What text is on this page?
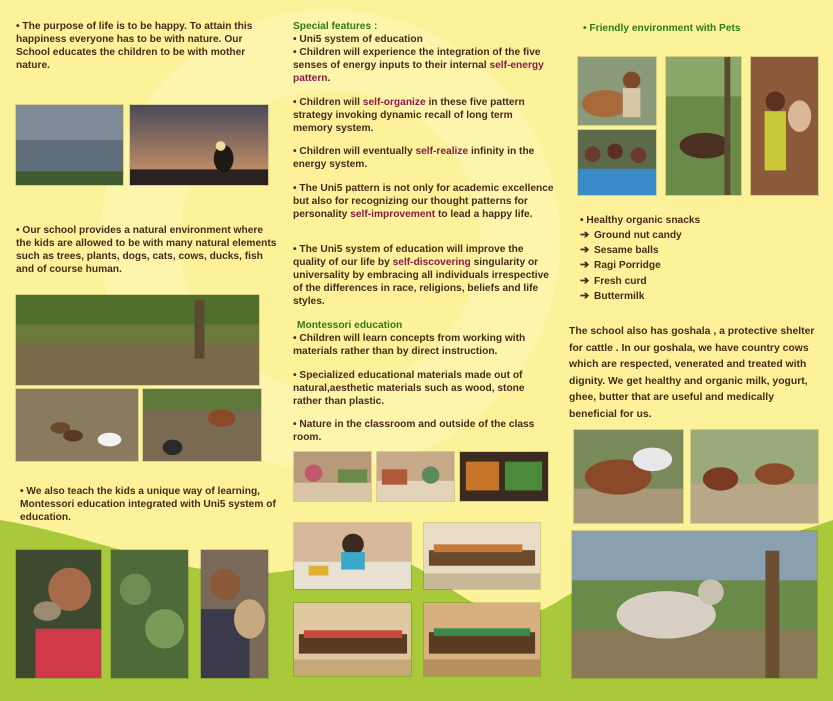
• The purpose of life is to be happy. To attain this happiness everyone has to be with nature. Our School educates the children to be with mother nature.
• Our school provides a natural environment where the kids are allowed to be with many natural elements such as trees, plants, dogs, cats, cows, ducks, fish and of course human.
• We also teach the kids a unique way of learning, Montessori education integrated with Uni5 system of education.
Special features :
• Uni5 system of education
• Children will experience the integration of the five senses of energy inputs to their internal self-energy pattern.
• Children will self-organize in these five pattern strategy invoking dynamic recall of long term memory system.
• Children will eventually self-realize infinity in the energy system.
• The Uni5 pattern is not only for academic excellence but also for recognizing our thought patterns for personality self-improvement to lead a happy life.
• The Uni5 system of education will improve the quality of our life by self-discovering singularity or universality by embracing all individuals irrespective of the differences in race, religions, beliefs and life styles.
Montessori education
• Children will learn concepts from working with materials rather than by direct instruction.
• Specialized educational materials made out of natural,aesthetic materials such as wood, stone rather than plastic.
• Nature in the classroom and outside of the class room.
• Friendly environment with Pets
• Healthy organic snacks
➔ Ground nut candy
➔ Sesame balls
➔ Ragi Porridge
➔ Fresh curd
➔ Buttermilk
The school also has goshala , a protective shelter for cattle . In our goshala, we have country cows which are respected, venerated and treated with dignity. We get healthy and organic milk, yogurt, ghee, butter that are useful and medically beneficial for us.
